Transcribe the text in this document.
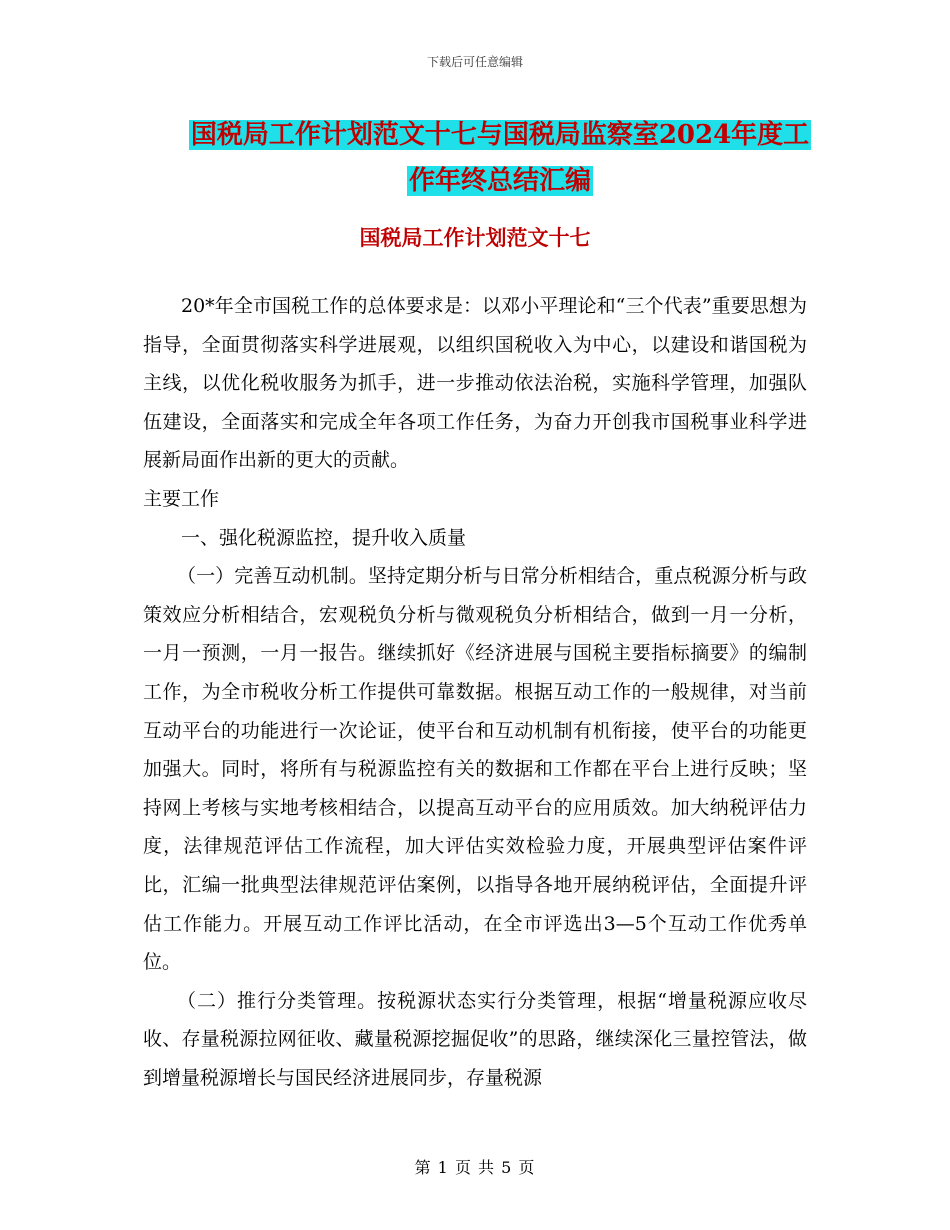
下载后可任意编辑
国税局工作计划范文十七与国税局监察室2024年度工
作年终总结汇编
国税局工作计划范文十七

20*年全市国税工作的总体要求是：以邓小平理论和“三个代表”重要思想为指导，全面贯彻落实科学进展观，以组织国税收入为中心，以建设和谐国税为主线，以优化税收服务为抓手，进一步推动依法治税，实施科学管理，加强队伍建设，全面落实和完成全年各项工作任务，为奋力开创我市国税事业科学进展新局面作出新的更大的贡献。

主要工作

一、强化税源监控，提升收入质量

（一）完善互动机制。坚持定期分析与日常分析相结合，重点税源分析与政策效应分析相结合，宏观税负分析与微观税负分析相结合，做到一月一分析，一月一预测，一月一报告。继续抓好《经济进展与国税主要指标摘要》的编制工作，为全市税收分析工作提供可靠数据。根据互动工作的一般规律，对当前互动平台的功能进行一次论证，使平台和互动机制有机衔接，使平台的功能更加强大。同时，将所有与税源监控有关的数据和工作都在平台上进行反映；坚持网上考核与实地考核相结合，以提高互动平台的应用质效。加大纳税评估力度，法律规范评估工作流程，加大评估实效检验力度，开展典型评估案件评比，汇编一批典型法律规范评估案例，以指导各地开展纳税评估，全面提升评估工作能力。开展互动工作评比活动，在全市评选出3—5个互动工作优秀单位。

（二）推行分类管理。按税源状态实行分类管理，根据“增量税源应收尽收、存量税源拉网征收、藏量税源挖掘促收”的思路，继续深化三量控管法，做到增量税源增长与国民经济进展同步，存量税源

第 1 页 共 5 页
